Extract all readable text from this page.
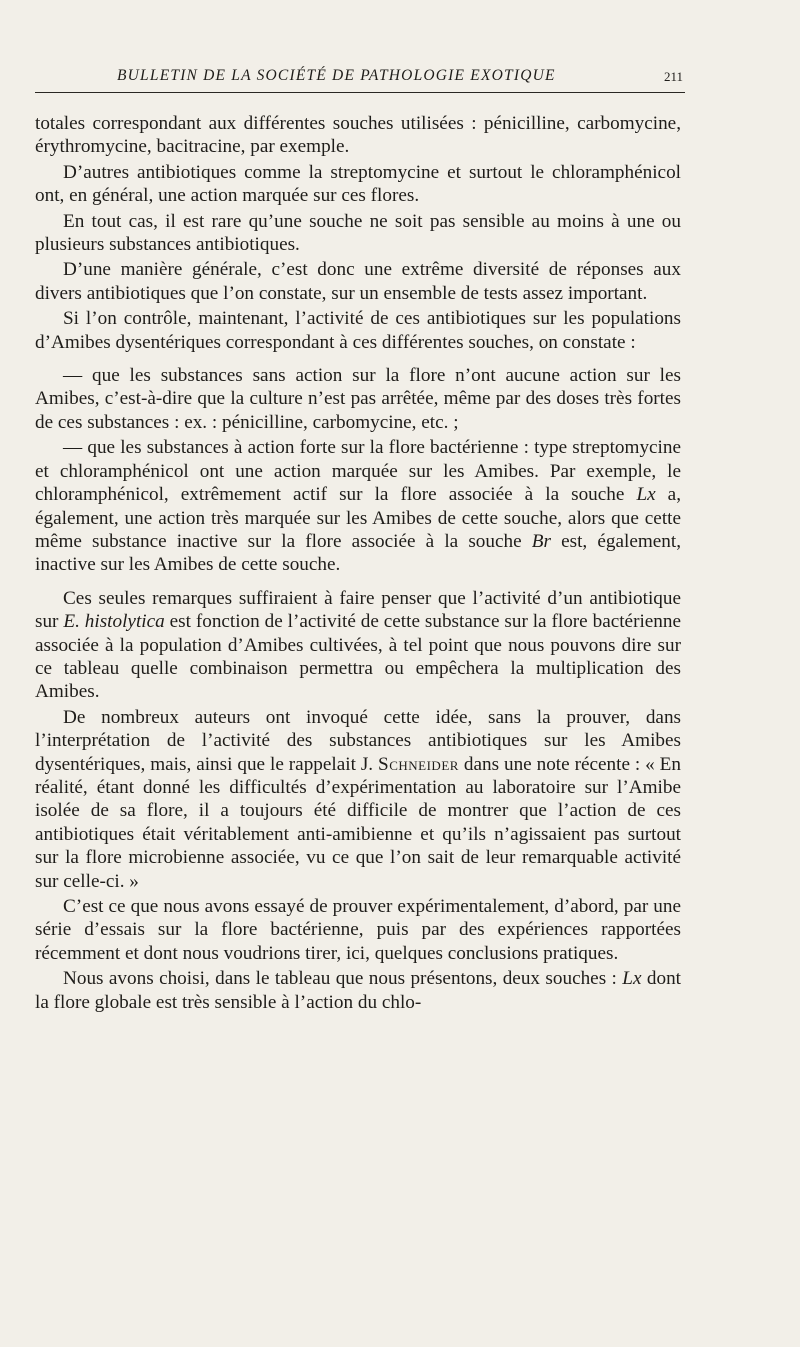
BULLETIN DE LA SOCIÉTÉ DE PATHOLOGIE EXOTIQUE	211

totales correspondant aux différentes souches utilisées : pénicilline, carbomycine, érythromycine, bacitracine, par exemple.

D’autres antibiotiques comme la streptomycine et surtout le chloramphénicol ont, en général, une action marquée sur ces flores.

En tout cas, il est rare qu’une souche ne soit pas sensible au moins à une ou plusieurs substances antibiotiques.

D’une manière générale, c’est donc une extrême diversité de réponses aux divers antibiotiques que l’on constate, sur un ensemble de tests assez important.

Si l’on contrôle, maintenant, l’activité de ces antibiotiques sur les populations d’Amibes dysentériques correspondant à ces différentes souches, on constate :

— que les substances sans action sur la flore n’ont aucune action sur les Amibes, c’est-à-dire que la culture n’est pas arrêtée, même par des doses très fortes de ces substances : ex. : pénicilline, carbomycine, etc. ;

— que les substances à action forte sur la flore bactérienne : type streptomycine et chloramphénicol ont une action marquée sur les Amibes. Par exemple, le chloramphénicol, extrêmement actif sur la flore associée à la souche Lx a, également, une action très marquée sur les Amibes de cette souche, alors que cette même substance inactive sur la flore associée à la souche Br est, également, inactive sur les Amibes de cette souche.

Ces seules remarques suffiraient à faire penser que l’activité d’un antibiotique sur E. histolytica est fonction de l’activité de cette substance sur la flore bactérienne associée à la population d’Amibes cultivées, à tel point que nous pouvons dire sur ce tableau quelle combinaison permettra ou empêchera la multiplication des Amibes.

De nombreux auteurs ont invoqué cette idée, sans la prouver, dans l’interprétation de l’activité des substances antibiotiques sur les Amibes dysentériques, mais, ainsi que le rappelait J. Schneider dans une note récente : « En réalité, étant donné les difficultés d’expérimentation au laboratoire sur l’Amibe isolée de sa flore, il a toujours été difficile de montrer que l’action de ces antibiotiques était véritablement anti-amibienne et qu’ils n’agissaient pas surtout sur la flore microbienne associée, vu ce que l’on sait de leur remarquable activité sur celle-ci. »

C’est ce que nous avons essayé de prouver expérimentalement, d’abord, par une série d’essais sur la flore bactérienne, puis par des expériences rapportées récemment et dont nous voudrions tirer, ici, quelques conclusions pratiques.

Nous avons choisi, dans le tableau que nous présentons, deux souches : Lx dont la flore globale est très sensible à l’action du chlo-
